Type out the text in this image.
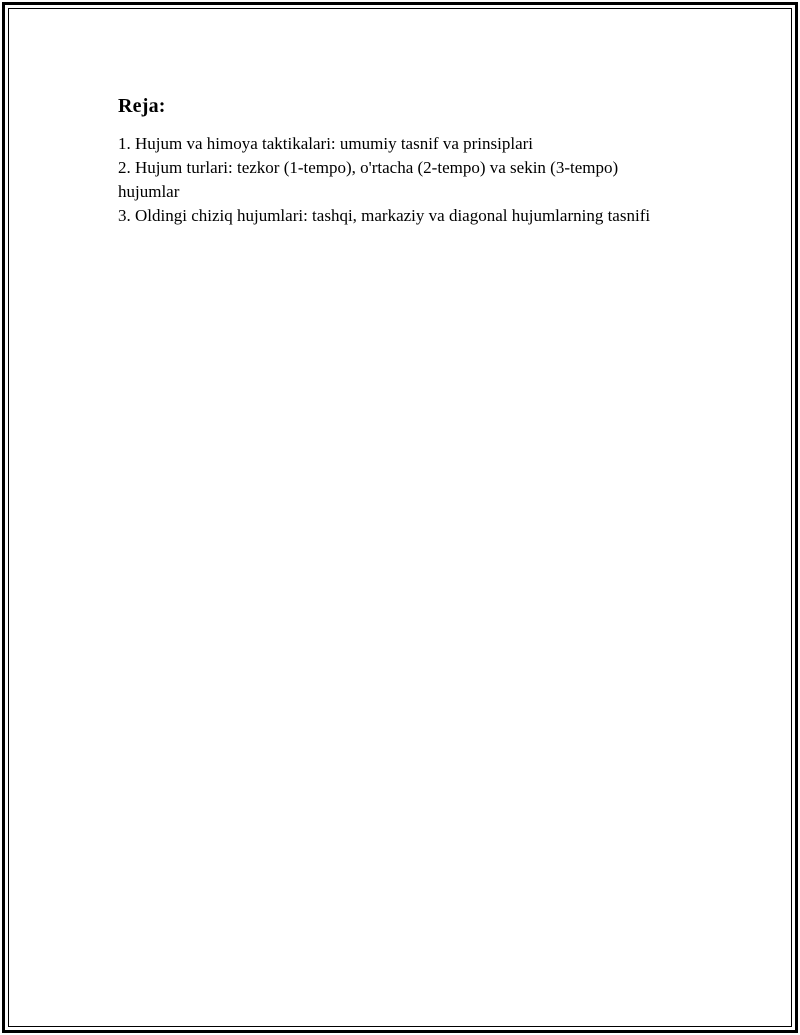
Reja:
1. Hujum va himoya taktikalari: umumiy tasnif va prinsiplari
2. Hujum turlari: tezkor (1-tempo), o'rtacha (2-tempo) va sekin (3-tempo) hujumlar
3. Oldingi chiziq hujumlari: tashqi, markaziy va diagonal hujumlarning tasnifi
